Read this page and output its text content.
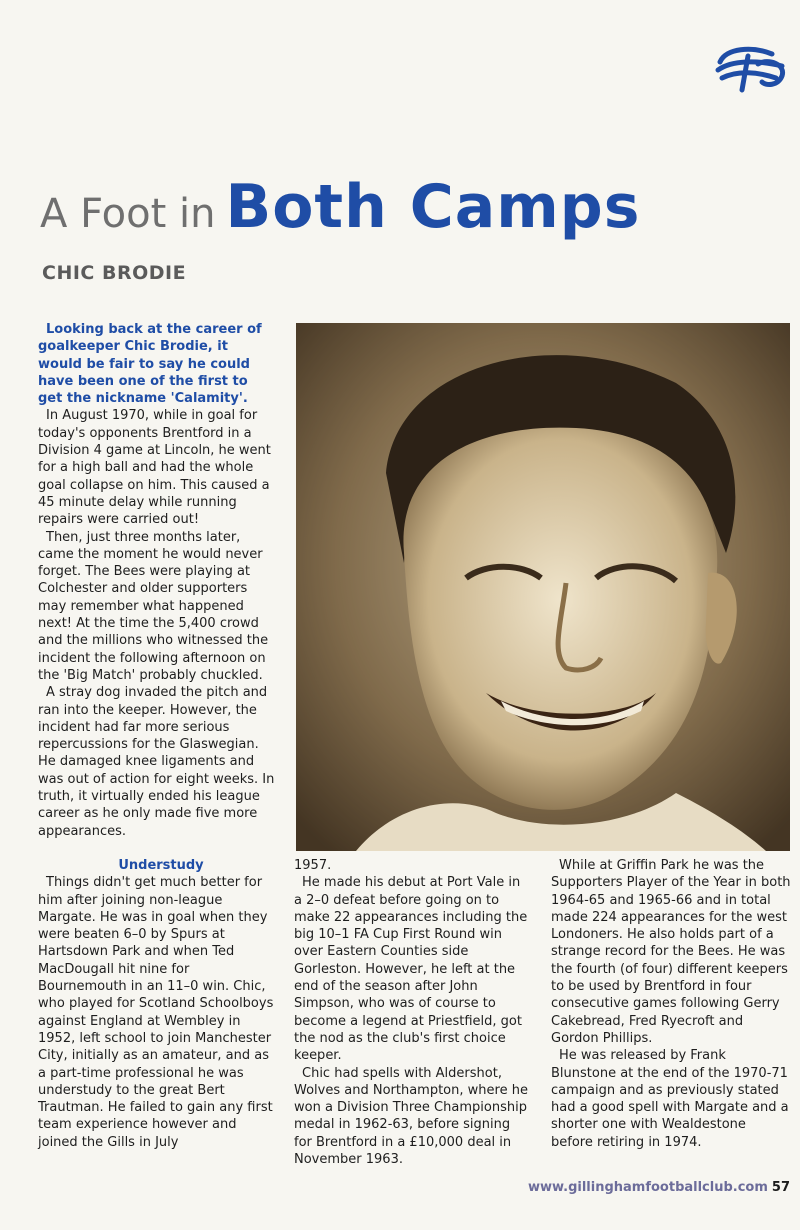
A Foot in Both Camps
CHIC BRODIE

Looking back at the career of goalkeeper Chic Brodie, it would be fair to say he could have been one of the first to get the nickname 'Calamity'.

In August 1970, while in goal for today's opponents Brentford in a Division 4 game at Lincoln, he went for a high ball and had the whole goal collapse on him. This caused a 45 minute delay while running repairs were carried out!

Then, just three months later, came the moment he would never forget. The Bees were playing at Colchester and older supporters may remember what happened next! At the time the 5,400 crowd and the millions who witnessed the incident the following afternoon on the 'Big Match' probably chuckled.

A stray dog invaded the pitch and ran into the keeper. However, the incident had far more serious repercussions for the Glaswegian. He damaged knee ligaments and was out of action for eight weeks. In truth, it virtually ended his league career as he only made five more appearances.

Understudy

Things didn't get much better for him after joining non-league Margate. He was in goal when they were beaten 6–0 by Spurs at Hartsdown Park and when Ted MacDougall hit nine for Bournemouth in an 11–0 win. Chic, who played for Scotland Schoolboys against England at Wembley in 1952, left school to join Manchester City, initially as an amateur, and as a part-time professional he was understudy to the great Bert Trautman. He failed to gain any first team experience however and joined the Gills in July

1957.

He made his debut at Port Vale in a 2–0 defeat before going on to make 22 appearances including the big 10–1 FA Cup First Round win over Eastern Counties side Gorleston. However, he left at the end of the season after John Simpson, who was of course to become a legend at Priestfield, got the nod as the club's first choice keeper.

Chic had spells with Aldershot, Wolves and Northampton, where he won a Division Three Championship medal in 1962-63, before signing for Brentford in a £10,000 deal in November 1963.

While at Griffin Park he was the Supporters Player of the Year in both 1964-65 and 1965-66 and in total made 224 appearances for the west Londoners. He also holds part of a strange record for the Bees. He was the fourth (of four) different keepers to be used by Brentford in four consecutive games following Gerry Cakebread, Fred Ryecroft and Gordon Phillips.

He was released by Frank Blunstone at the end of the 1970-71 campaign and as previously stated had a good spell with Margate and a shorter one with Wealdestone before retiring in 1974.

www.gillinghamfootballclub.com 57
